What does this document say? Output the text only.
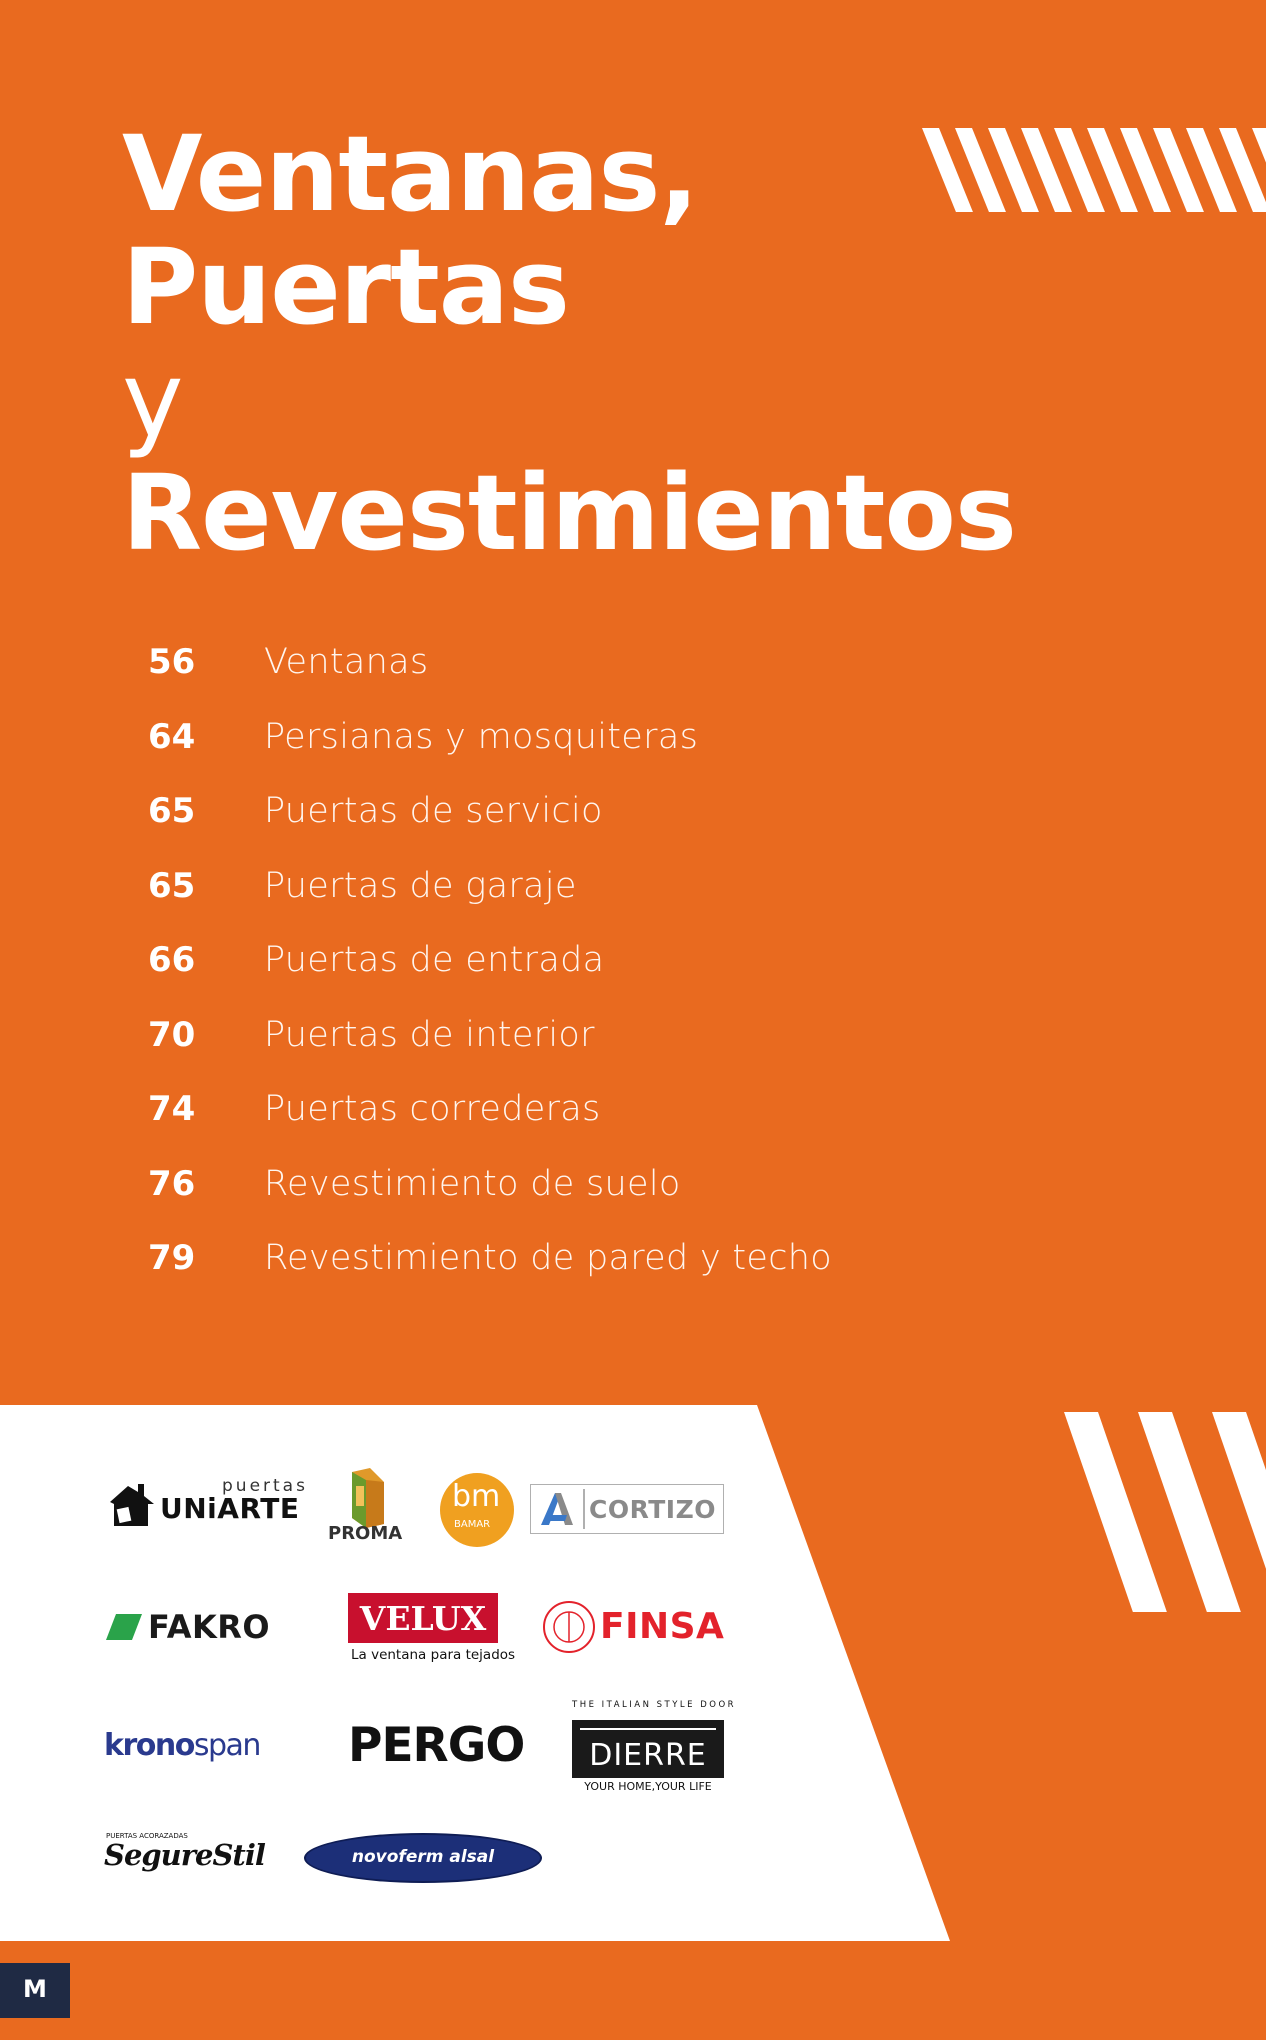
Ventanas,
Puertas
y Revestimientos
56	Ventanas
64	Persianas y mosquiteras
65	Puertas de servicio
65	Puertas de garaje
66	Puertas de entrada
70	Puertas de interior
74	Puertas correderas
76	Revestimiento de suelo
79	Revestimiento de pared y techo
puertas
UNiARTE
PROMA
bm
BAMAR
CORTIZO
FAKRO	VELUX
La ventana para tejados
FINSA
kronospan	PERGO
THE ITALIAN STYLE DOOR
DIERRE
YOUR HOME,YOUR LIFE
PUERTAS ACORAZADAS
SegureStil	novoferm alsal
M
